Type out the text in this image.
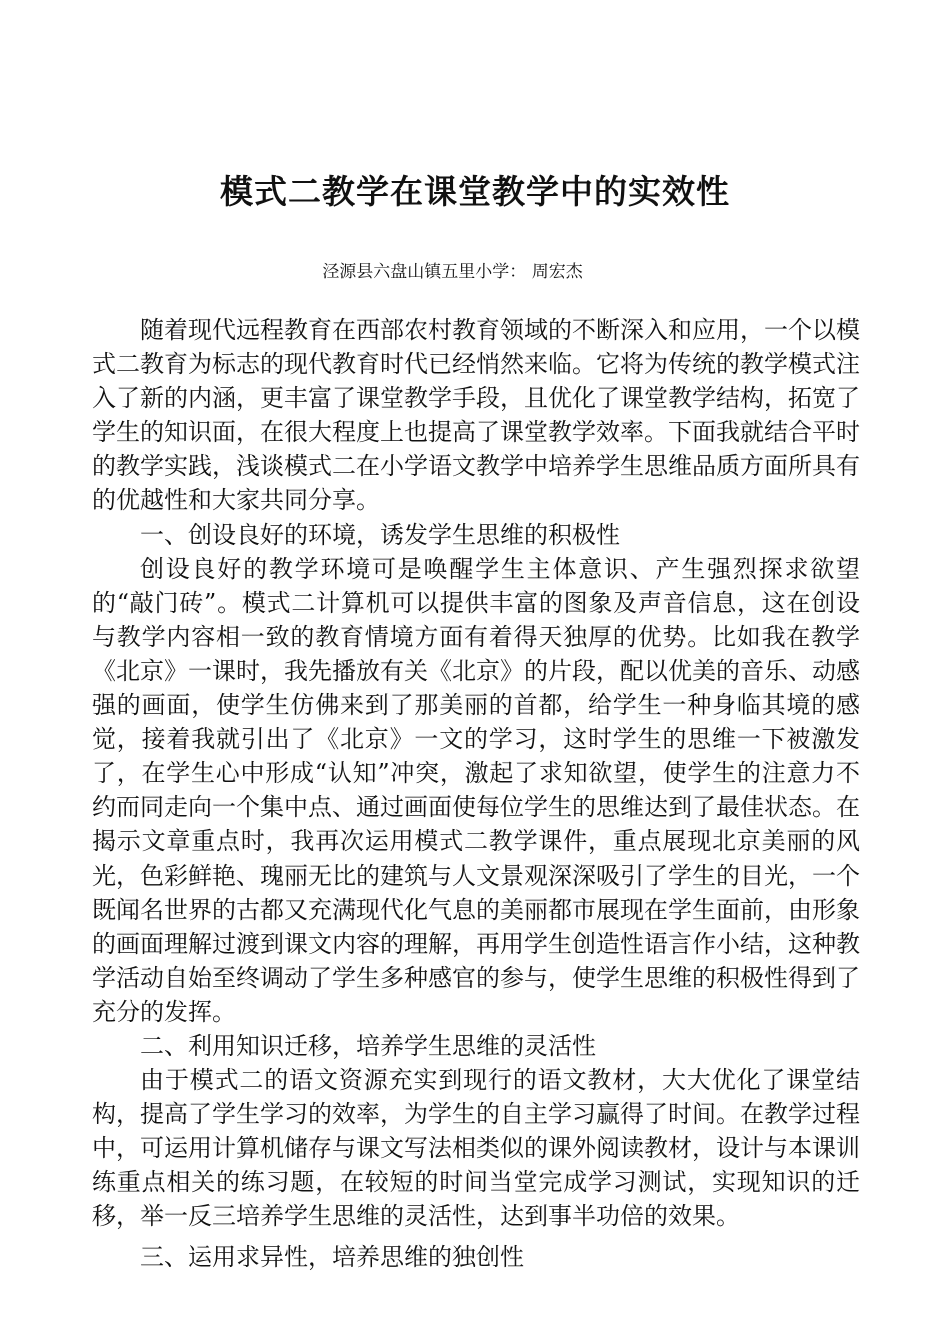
模式二教学在课堂教学中的实效性

泾源县六盘山镇五里小学： 周宏杰

随着现代远程教育在西部农村教育领域的不断深入和应用，一个以模式二教育为标志的现代教育时代已经悄然来临。它将为传统的教学模式注入了新的内涵，更丰富了课堂教学手段，且优化了课堂教学结构，拓宽了学生的知识面，在很大程度上也提高了课堂教学效率。下面我就结合平时的教学实践，浅谈模式二在小学语文教学中培养学生思维品质方面所具有的优越性和大家共同分享。

一、创设良好的环境，诱发学生思维的积极性

创设良好的教学环境可是唤醒学生主体意识、产生强烈探求欲望的“敲门砖”。模式二计算机可以提供丰富的图象及声音信息，这在创设与教学内容相一致的教育情境方面有着得天独厚的优势。比如我在教学《北京》一课时，我先播放有关《北京》的片段，配以优美的音乐、动感强的画面，使学生仿佛来到了那美丽的首都，给学生一种身临其境的感觉，接着我就引出了《北京》一文的学习，这时学生的思维一下被激发了，在学生心中形成“认知”冲突，激起了求知欲望，使学生的注意力不约而同走向一个集中点、通过画面使每位学生的思维达到了最佳状态。在揭示文章重点时，我再次运用模式二教学课件，重点展现北京美丽的风光，色彩鲜艳、瑰丽无比的建筑与人文景观深深吸引了学生的目光，一个既闻名世界的古都又充满现代化气息的美丽都市展现在学生面前，由形象的画面理解过渡到课文内容的理解，再用学生创造性语言作小结，这种教学活动自始至终调动了学生多种感官的参与，使学生思维的积极性得到了充分的发挥。

二、利用知识迁移，培养学生思维的灵活性

由于模式二的语文资源充实到现行的语文教材，大大优化了课堂结构，提高了学生学习的效率，为学生的自主学习赢得了时间。在教学过程中，可运用计算机储存与课文写法相类似的课外阅读教材，设计与本课训练重点相关的练习题，在较短的时间当堂完成学习测试，实现知识的迁移，举一反三培养学生思维的灵活性，达到事半功倍的效果。

三、运用求异性，培养思维的独创性
